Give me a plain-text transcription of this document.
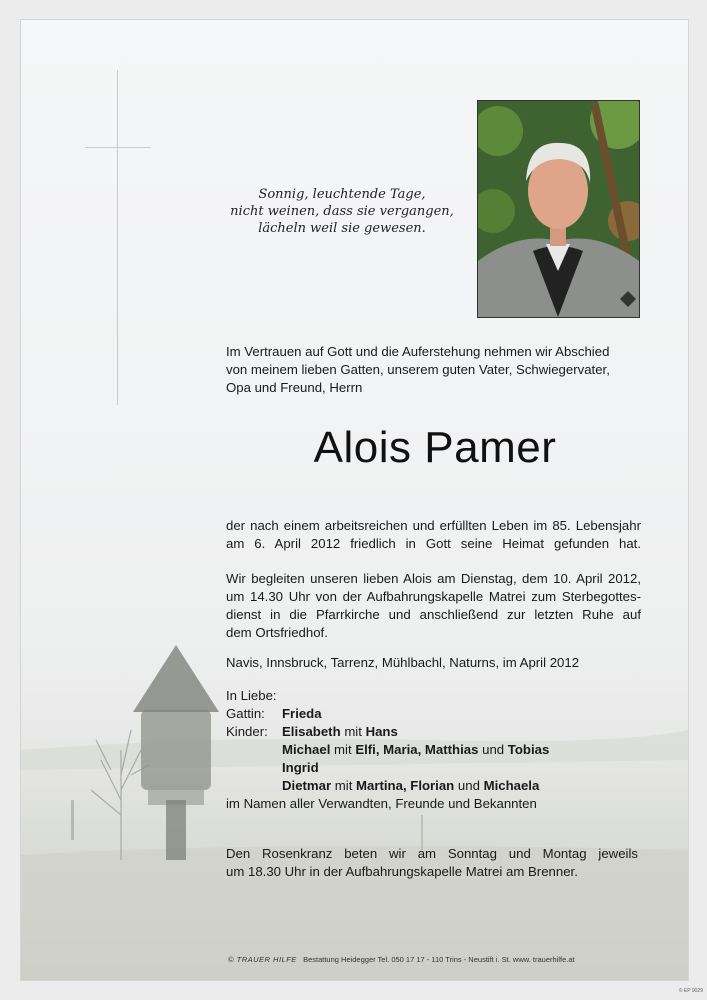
Sonnig, leuchtende Tage,
nicht weinen, dass sie vergangen,
lächeln weil sie gewesen.
Im Vertrauen auf Gott und die Auferstehung nehmen wir Abschied
von meinem lieben Gatten, unserem guten Vater, Schwiegervater,
Opa und Freund, Herrn
Alois Pamer
der nach einem arbeitsreichen und erfüllten Leben im 85. Lebensjahr
am 6. April 2012 friedlich in Gott seine Heimat gefunden hat.
Wir begleiten unseren lieben Alois am Dienstag, dem 10. April 2012,
um 14.30 Uhr von der Aufbahrungskapelle Matrei zum Sterbegottes-
dienst in die Pfarrkirche und anschließend zur letzten Ruhe auf
dem Ortsfriedhof.
Navis, Innsbruck, Tarrenz, Mühlbachl, Naturns, im April 2012
In Liebe:
Gattin: Frieda
Kinder: Elisabeth mit Hans
Michael mit Elfi, Maria, Matthias und Tobias
Ingrid
Dietmar mit Martina, Florian und Michaela
im Namen aller Verwandten, Freunde und Bekannten
Den Rosenkranz beten wir am Sonntag und Montag jeweils
um 18.30 Uhr in der Aufbahrungskapelle Matrei am Brenner.
© TRAUER HILFE Bestattung Heidegger Tel. 050 17 17 - 110 Trins - Neustift i. St. www. trauerhilfe.at
© EP 9029
